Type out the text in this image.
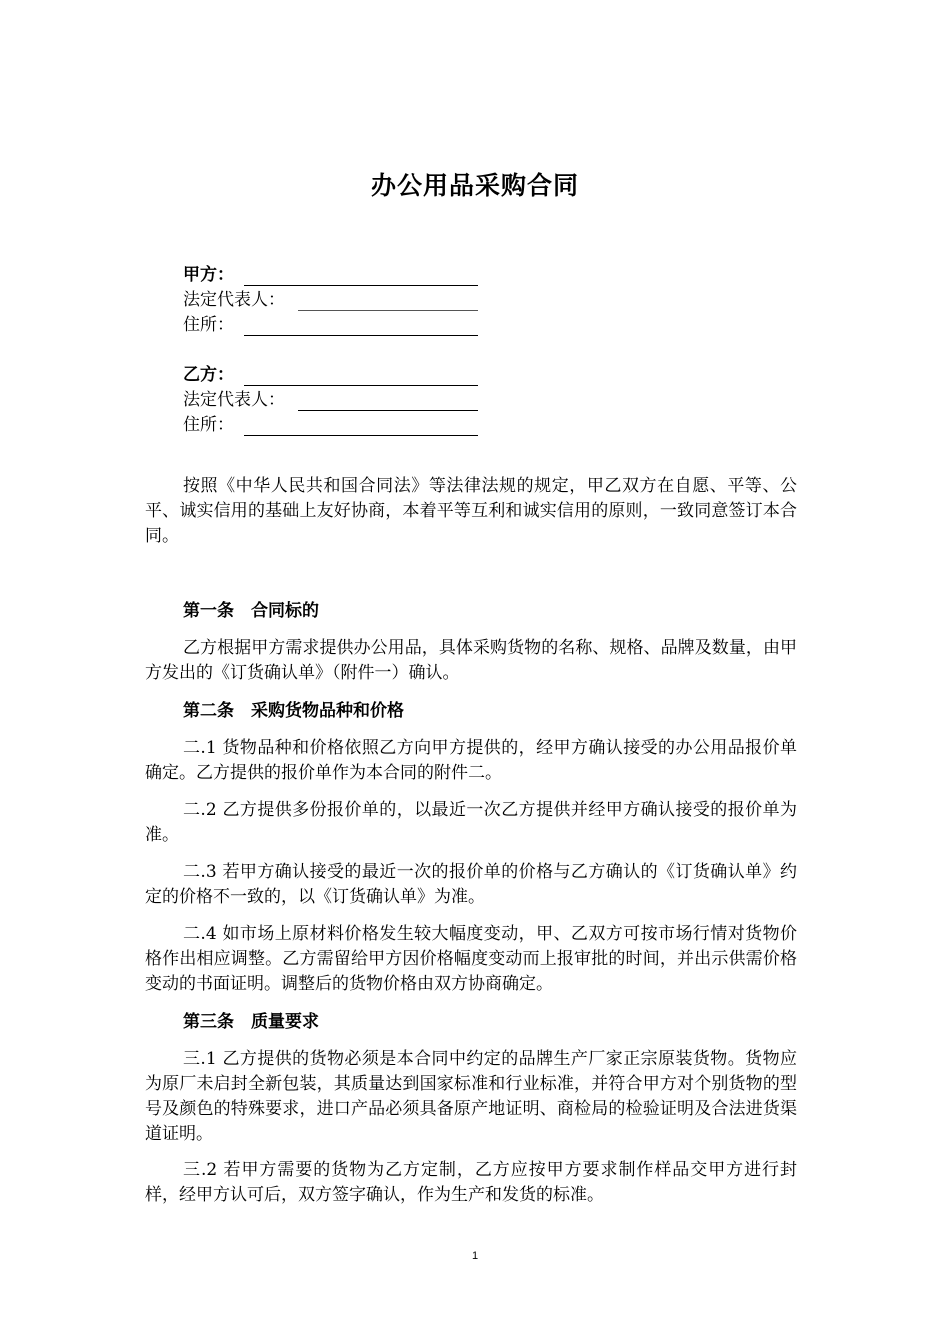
办公用品采购合同
甲方：
法定代表人：
住所：
乙方：
法定代表人：
住所：

按照《中华人民共和国合同法》等法律法规的规定，甲乙双方在自愿、平等、公平、诚实信用的基础上友好协商，本着平等互利和诚实信用的原则，一致同意签订本合同。

第一条 合同标的

乙方根据甲方需求提供办公用品，具体采购货物的名称、规格、品牌及数量，由甲方发出的《订货确认单》（附件一）确认。

第二条 采购货物品种和价格

二.1 货物品种和价格依照乙方向甲方提供的，经甲方确认接受的办公用品报价单确定。乙方提供的报价单作为本合同的附件二。

二.2 乙方提供多份报价单的，以最近一次乙方提供并经甲方确认接受的报价单为准。

二.3 若甲方确认接受的最近一次的报价单的价格与乙方确认的《订货确认单》约定的价格不一致的，以《订货确认单》为准。

二.4 如市场上原材料价格发生较大幅度变动，甲、乙双方可按市场行情对货物价格作出相应调整。乙方需留给甲方因价格幅度变动而上报审批的时间，并出示供需价格变动的书面证明。调整后的货物价格由双方协商确定。

第三条 质量要求

三.1 乙方提供的货物必须是本合同中约定的品牌生产厂家正宗原装货物。货物应为原厂未启封全新包装，其质量达到国家标准和行业标准，并符合甲方对个别货物的型号及颜色的特殊要求，进口产品必须具备原产地证明、商检局的检验证明及合法进货渠道证明。

三.2 若甲方需要的货物为乙方定制，乙方应按甲方要求制作样品交甲方进行封样，经甲方认可后，双方签字确认，作为生产和发货的标准。

1
